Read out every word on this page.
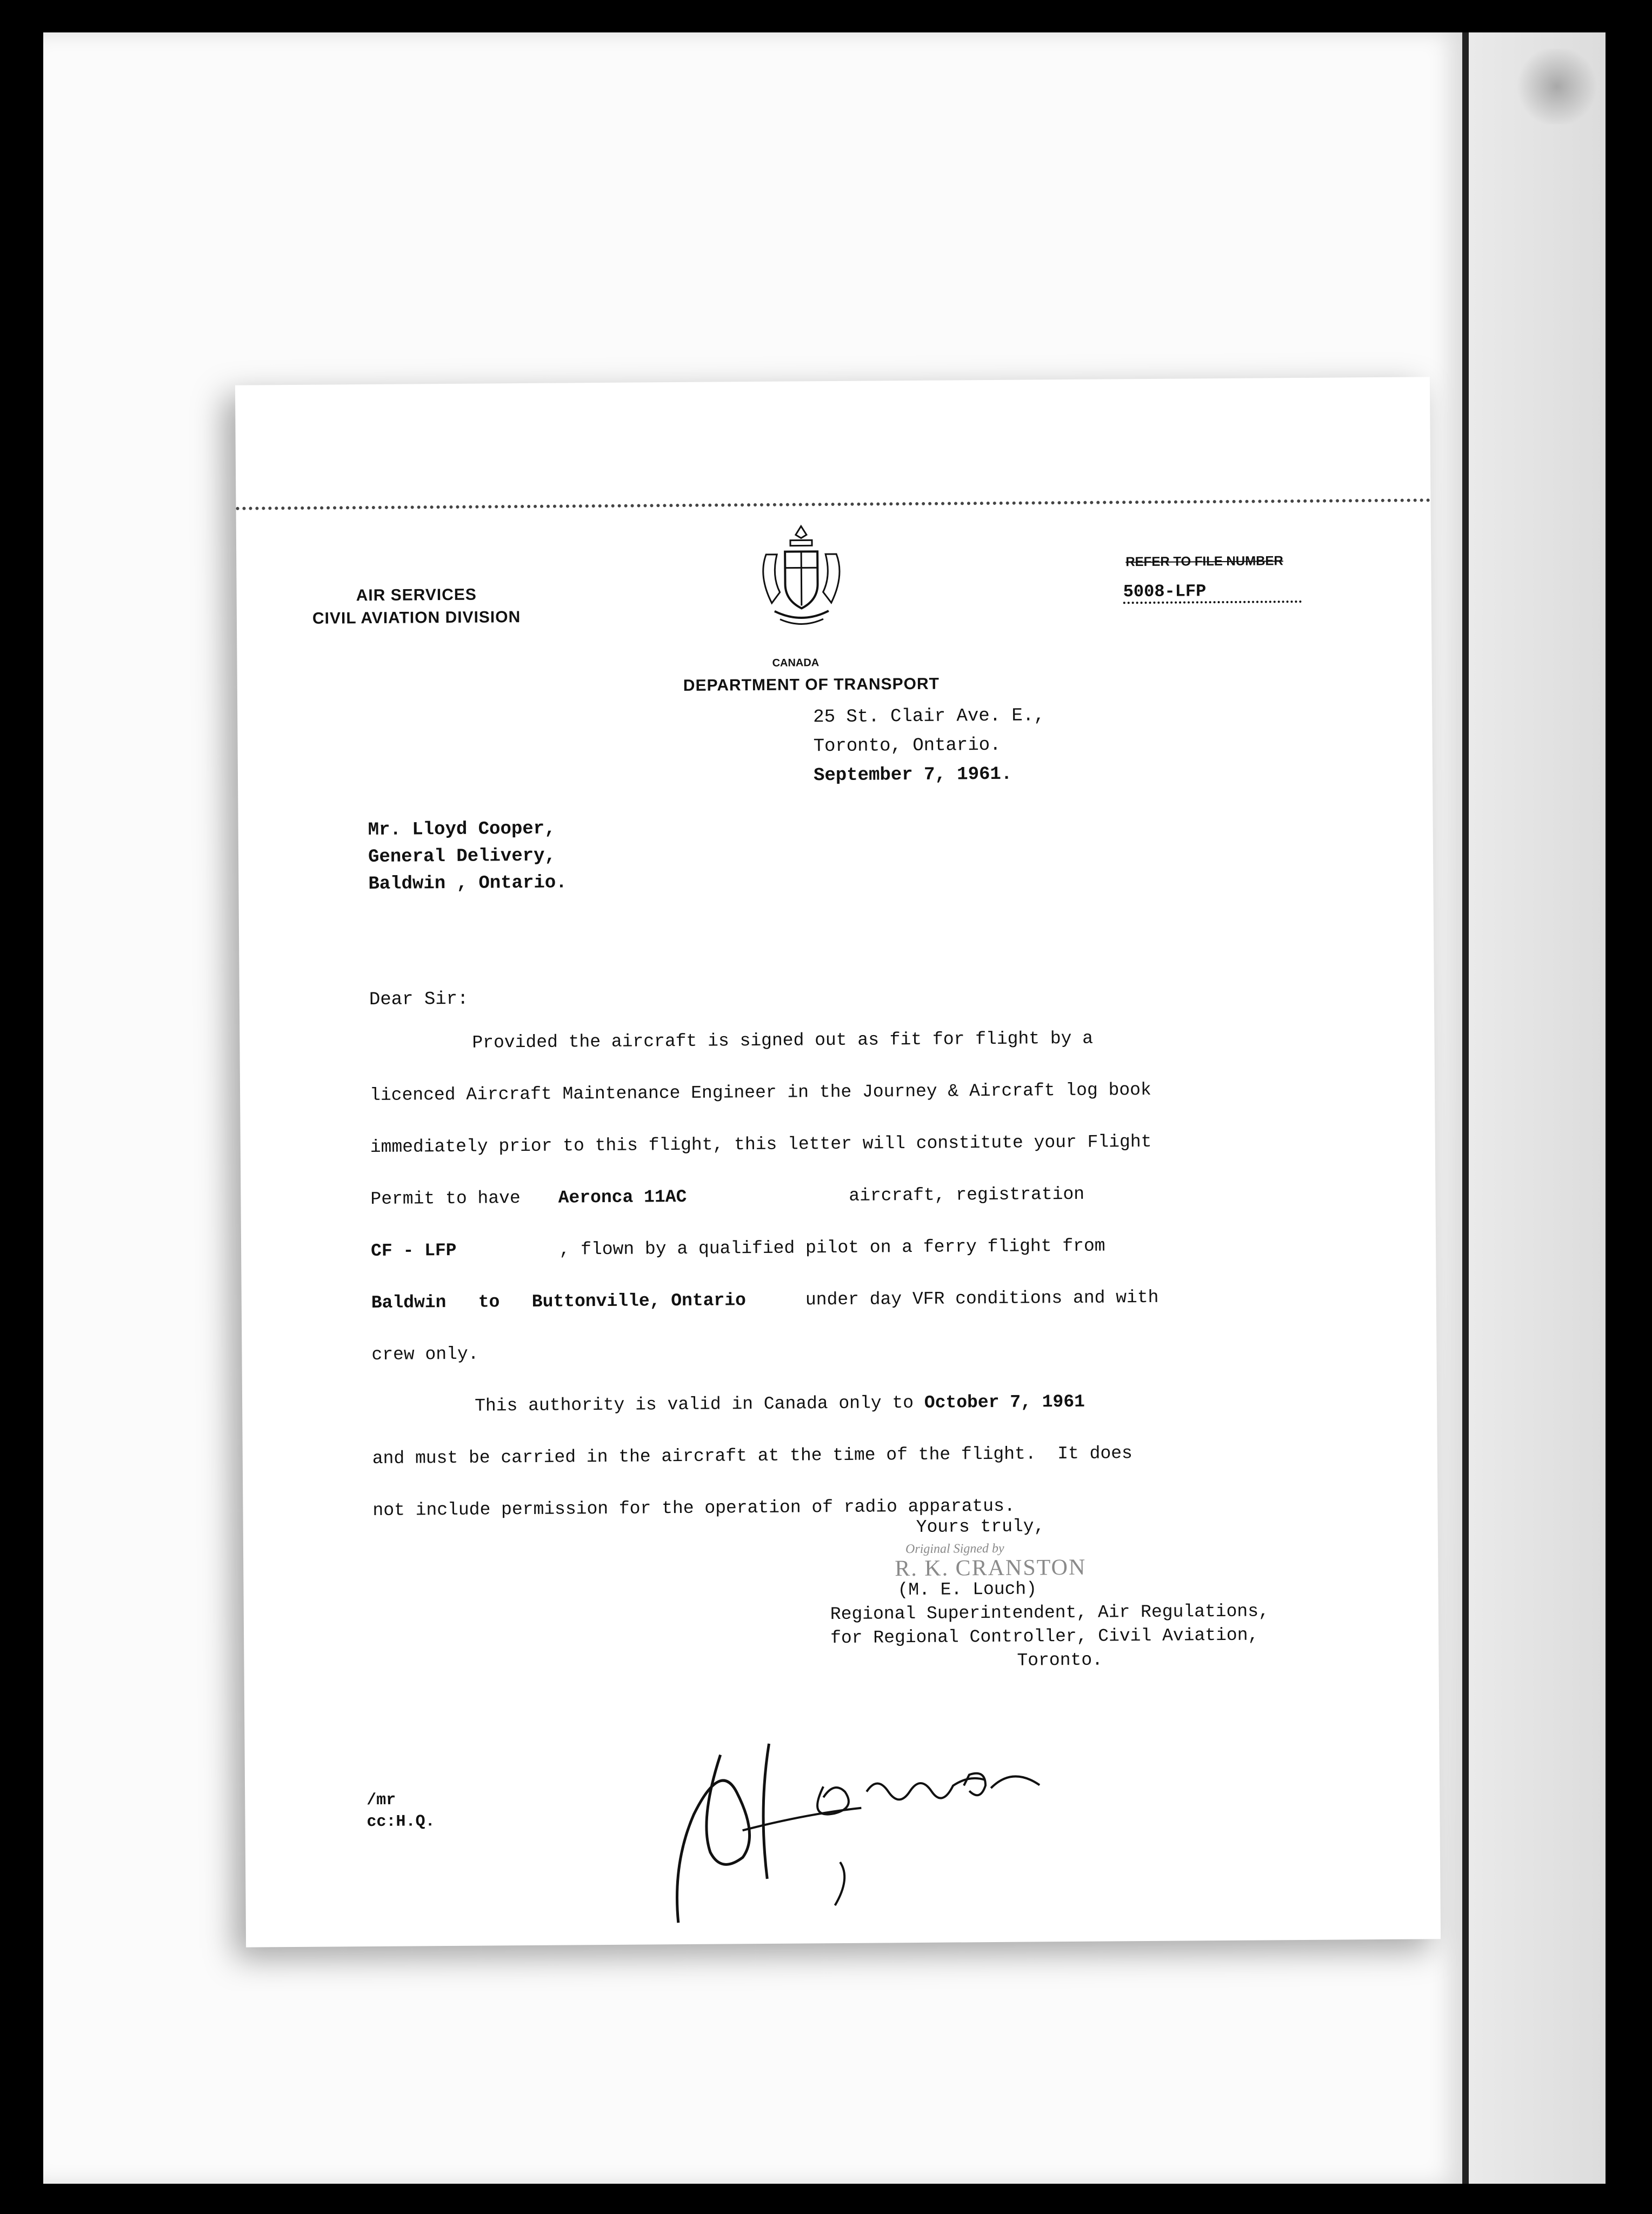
AIR SERVICES
CIVIL AVIATION DIVISION
CANADA
DEPARTMENT OF TRANSPORT
REFER TO FILE NUMBER
5008-LFP
25 St. Clair Ave. E.,
Toronto, Ontario.
September 7, 1961.
Mr. Lloyd Cooper,
General Delivery,
Baldwin , Ontario.
Dear Sir:
Provided the aircraft is signed out as fit for flight by a
licenced Aircraft Maintenance Engineer in the Journey & Aircraft log book
immediately prior to this flight, this letter will constitute your Flight
Permit to have Aeronca 11AC	aircraft, registration
CF - LFP	, flown by a qualified pilot on a ferry flight from
Baldwin   to   Buttonville, Ontario	under day VFR conditions and with
crew only.
This authority is valid in Canada only to October 7, 1961
and must be carried in the aircraft at the time of the flight.  It does
not include permission for the operation of radio apparatus.
Yours truly,
Original Signed by
R. K. CRANSTON
(M. E. Louch)
Regional Superintendent, Air Regulations,
for Regional Controller, Civil Aviation,
Toronto.
/mr
cc:H.Q.
